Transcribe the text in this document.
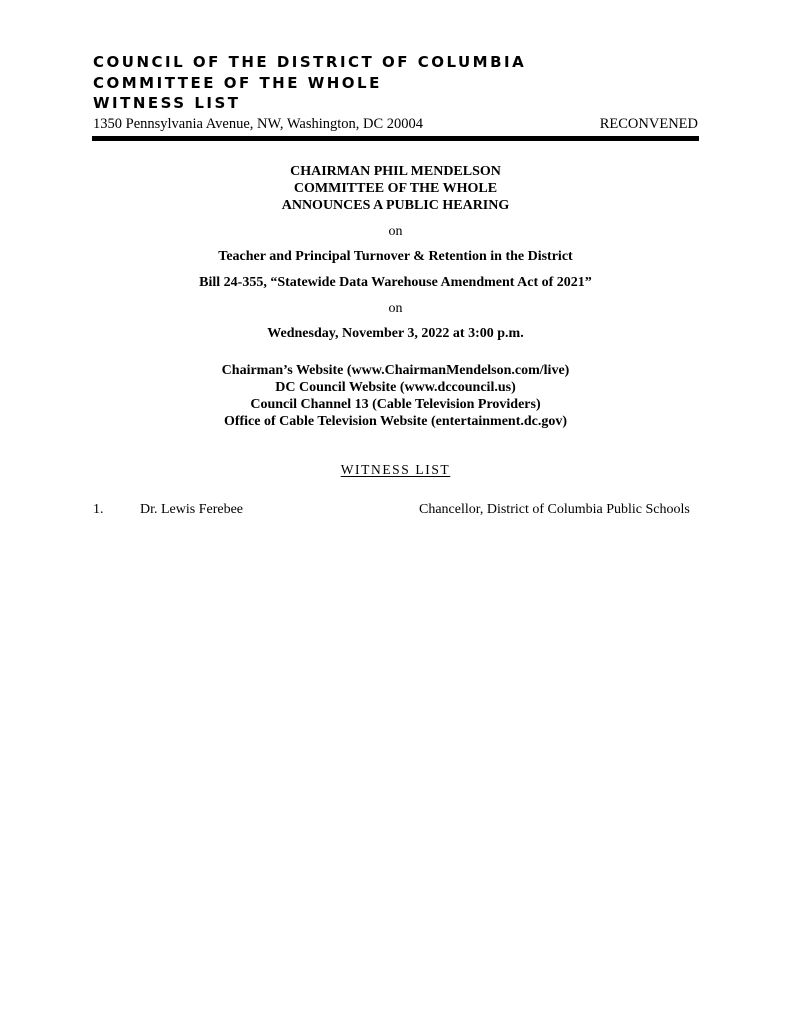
COUNCIL OF THE DISTRICT OF COLUMBIA
COMMITTEE OF THE WHOLE
WITNESS LIST
1350 Pennsylvania Avenue, NW, Washington, DC 20004	RECONVENED
CHAIRMAN PHIL MENDELSON
COMMITTEE OF THE WHOLE
ANNOUNCES A PUBLIC HEARING
on
Teacher and Principal Turnover & Retention in the District
Bill 24-355, “Statewide Data Warehouse Amendment Act of 2021”
on
Wednesday, November 3, 2022 at 3:00 p.m.
Chairman’s Website (www.ChairmanMendelson.com/live)
DC Council Website (www.dccouncil.us)
Council Channel 13 (Cable Television Providers)
Office of Cable Television Website (entertainment.dc.gov)
WITNESS LIST
1.	Dr. Lewis Ferebee	Chancellor, District of Columbia Public Schools
